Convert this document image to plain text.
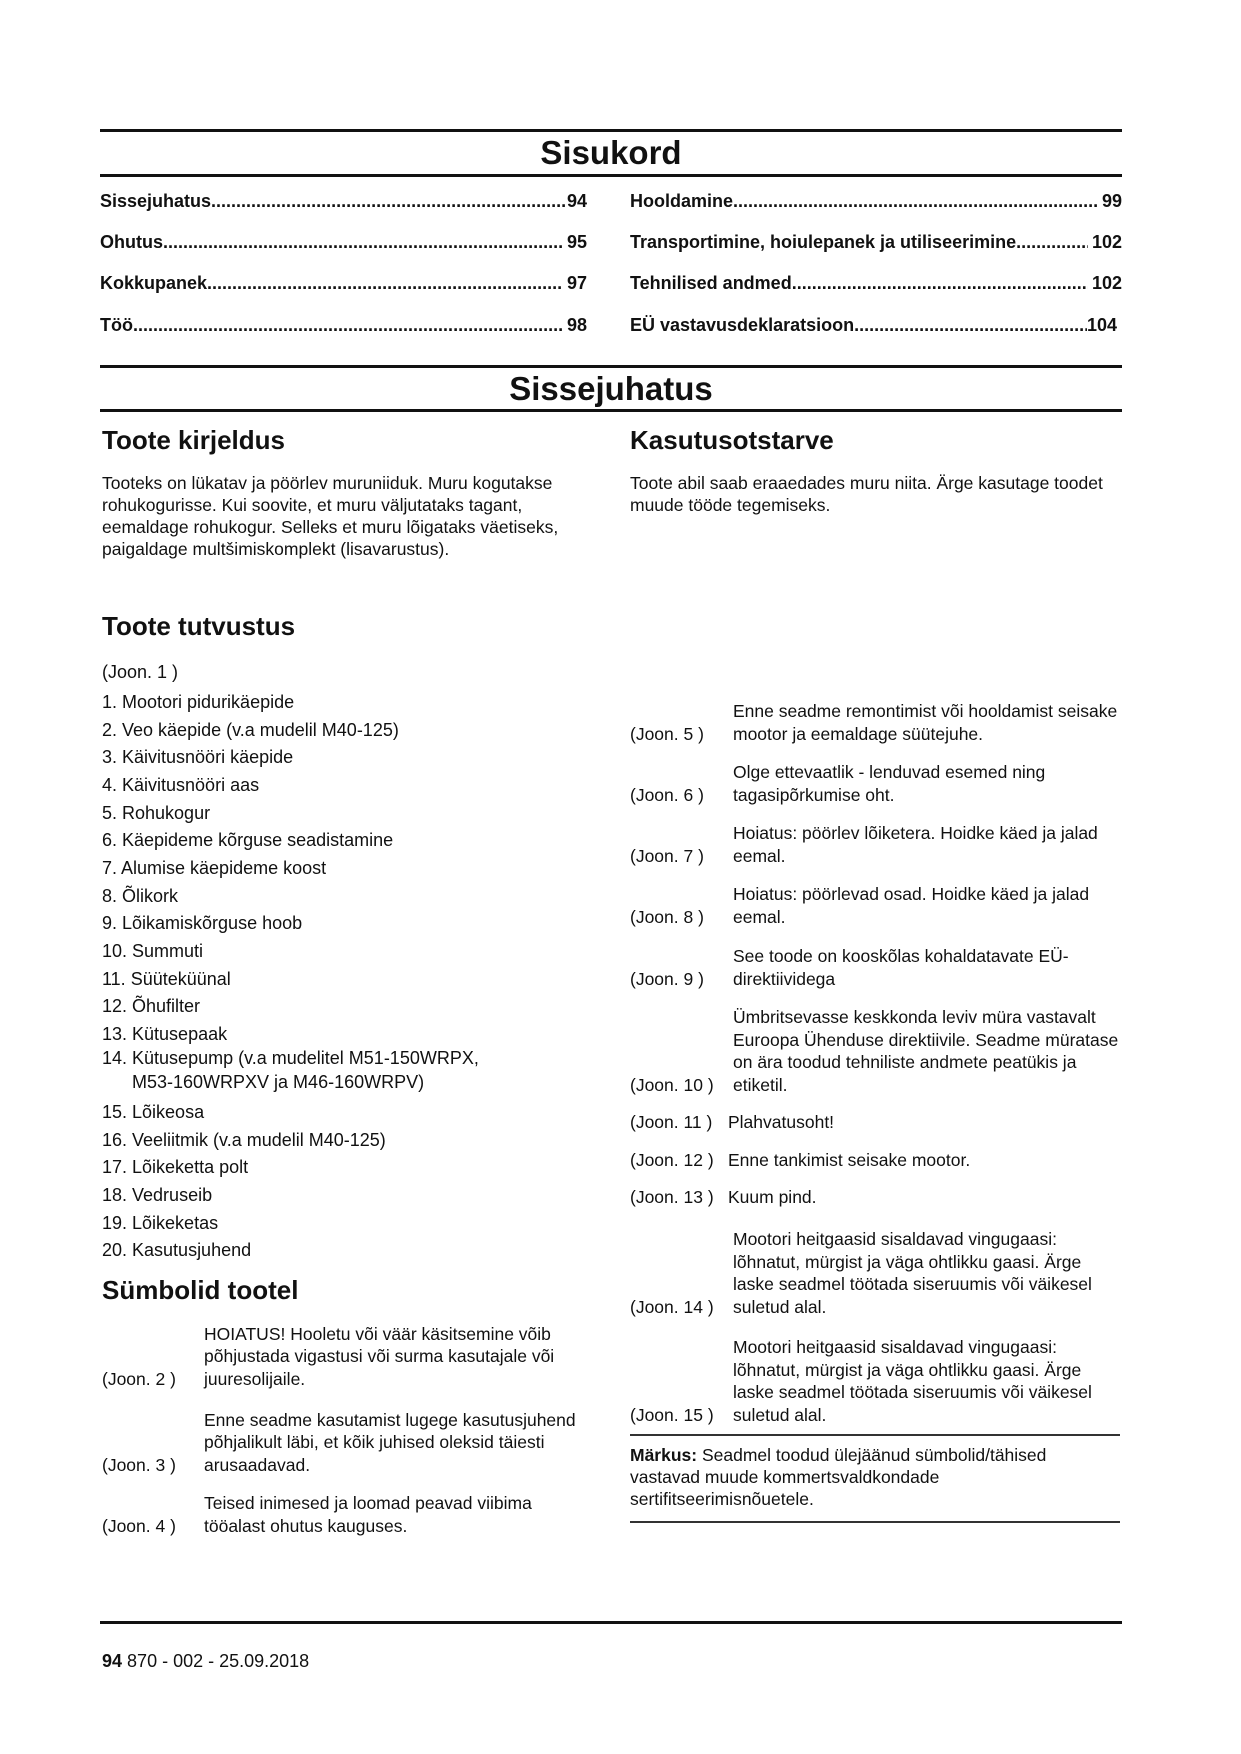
Sisukord
Sissejuhatus .....	94
Ohutus .....	95
Kokkupanek .....	97
Töö .....	98
Hooldamine .....	99
Transportimine, hoiulepanek ja utiliseerimine .....	102
Tehnilised andmed .....	102
EÜ vastavusdeklaratsioon .....	104
Sissejuhatus
Toote kirjeldus
Tooteks on lükatav ja pöörlev muruniiduk. Muru kogutakse rohukogurisse. Kui soovite, et muru väljutataks tagant, eemaldage rohukogur. Selleks et muru lõigataks väetiseks, paigaldage multšimiskomplekt (lisavarustus).
Kasutusotstarve
Toote abil saab eraaedades muru niita. Ärge kasutage toodet muude tööde tegemiseks.
Toote tutvustus
(Joon. 1 )
1. Mootori pidurikäepide
2. Veo käepide (v.a mudelil M40-125)
3. Käivitusnööri käepide
4. Käivitusnööri aas
5. Rohukogur
6. Käepideme kõrguse seadistamine
7. Alumise käepideme koost
8. Õlikork
9. Lõikamiskõrguse hoob
10. Summuti
11. Süüteküünal
12. Õhufilter
13. Kütusepaak
14. Kütusepump (v.a mudelitel M51-150WRPX,
M53-160WRPXV ja M46-160WRPV)
15. Lõikeosa
16. Veeliitmik (v.a mudelil M40-125)
17. Lõikeketta polt
18. Vedruseib
19. Lõikeketas
20. Kasutusjuhend
Sümbolid tootel
(Joon. 2 )
HOIATUS! Hooletu või väär käsitsemine võib põhjustada vigastusi või surma kasutajale või juuresolijaile.
(Joon. 3 )
Enne seadme kasutamist lugege kasutusjuhend põhjalikult läbi, et kõik juhised oleksid täiesti arusaadavad.
(Joon. 4 )
Teised inimesed ja loomad peavad viibima tööalast ohutus kauguses.
(Joon. 5 )
Enne seadme remontimist või hooldamist seisake mootor ja eemaldage süütejuhe.
(Joon. 6 )
Olge ettevaatlik - lenduvad esemed ning tagasipõrkumise oht.
(Joon. 7 )
Hoiatus: pöörlev lõiketera. Hoidke käed ja jalad eemal.
(Joon. 8 )
Hoiatus: pöörlevad osad. Hoidke käed ja jalad eemal.
(Joon. 9 )
See toode on kooskõlas kohaldatavate EÜ-direktiividega
(Joon. 10 )
Ümbritsevasse keskkonda leviv müra vastavalt Euroopa Ühenduse direktiivile. Seadme müratase on ära toodud tehniliste andmete peatükis ja etiketil.
(Joon. 11 ) Plahvatusoht!
(Joon. 12 ) Enne tankimist seisake mootor.
(Joon. 13 ) Kuum pind.
(Joon. 14 )
Mootori heitgaasid sisaldavad vingugaasi: lõhnatut, mürgist ja väga ohtlikku gaasi. Ärge laske seadmel töötada siseruumis või väikesel suletud alal.
(Joon. 15 )
Mootori heitgaasid sisaldavad vingugaasi: lõhnatut, mürgist ja väga ohtlikku gaasi. Ärge laske seadmel töötada siseruumis või väikesel suletud alal.
Märkus: Seadmel toodud ülejäänud sümbolid/tähised vastavad muude kommertsvaldkondade sertifitseerimisnõuetele.
94 870 - 002 - 25.09.2018
